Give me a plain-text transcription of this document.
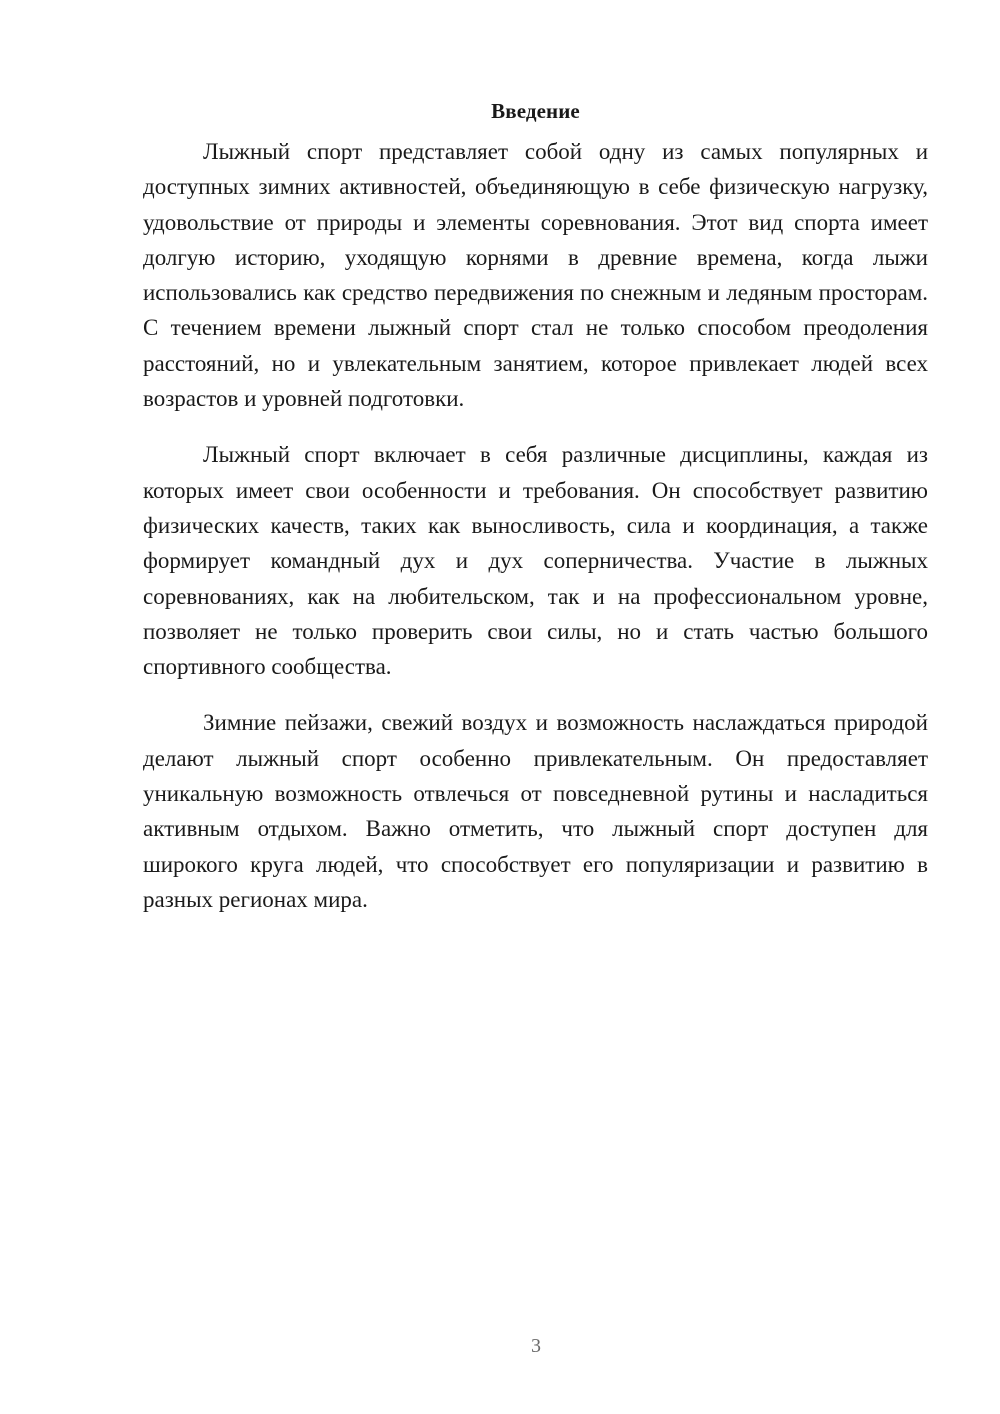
Введение

Лыжный спорт представляет собой одну из самых популярных и доступных зимних активностей, объединяющую в себе физическую нагрузку, удовольствие от природы и элементы соревнования. Этот вид спорта имеет долгую историю, уходящую корнями в древние времена, когда лыжи использовались как средство передвижения по снежным и ледяным просторам. С течением времени лыжный спорт стал не только способом преодоления расстояний, но и увлекательным занятием, которое привлекает людей всех возрастов и уровней подготовки.

Лыжный спорт включает в себя различные дисциплины, каждая из которых имеет свои особенности и требования. Он способствует развитию физических качеств, таких как выносливость, сила и координация, а также формирует командный дух и дух соперничества. Участие в лыжных соревнованиях, как на любительском, так и на профессиональном уровне, позволяет не только проверить свои силы, но и стать частью большого спортивного сообщества.

Зимние пейзажи, свежий воздух и возможность наслаждаться природой делают лыжный спорт особенно привлекательным. Он предоставляет уникальную возможность отвлечься от повседневной рутины и насладиться активным отдыхом. Важно отметить, что лыжный спорт доступен для широкого круга людей, что способствует его популяризации и развитию в разных регионах мира.

3
